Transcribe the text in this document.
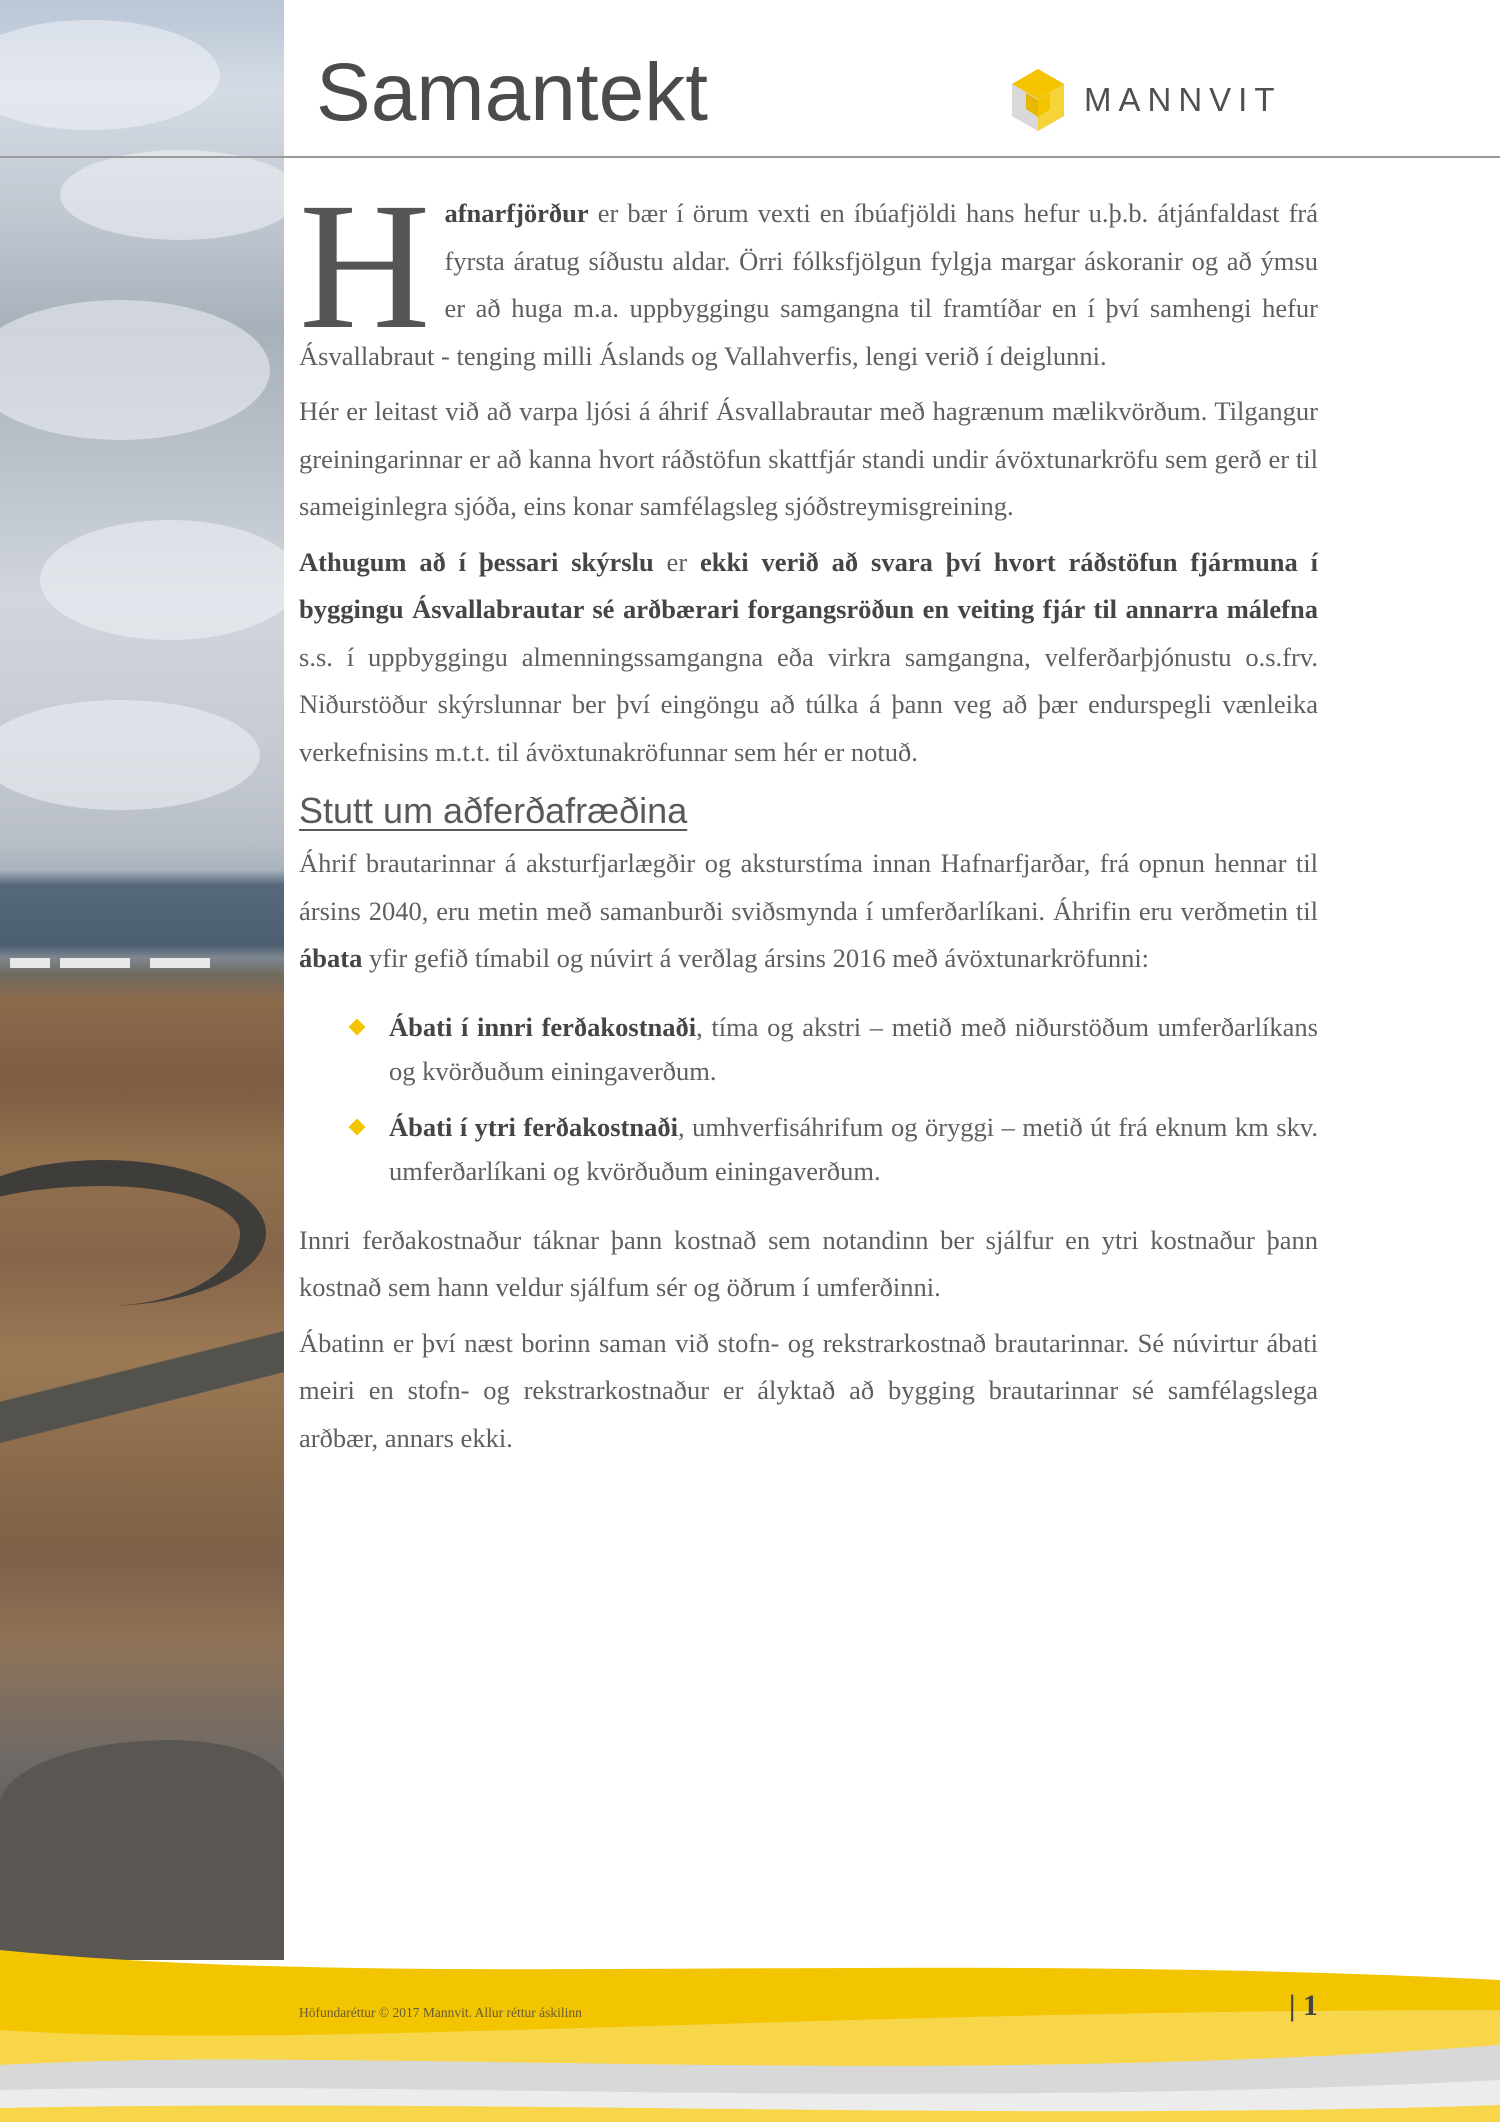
Samantekt	MANNVIT

Hafnarfjörður er bær í örum vexti en íbúafjöldi hans hefur u.þ.b. átjánfaldast frá fyrsta áratug síðustu aldar. Örri fólksfjölgun fylgja margar áskoranir og að ýmsu er að huga m.a. uppbyggingu samgangna til framtíðar en í því samhengi hefur Ásvallabraut - tenging milli Áslands og Vallahverfis, lengi verið í deiglunni.

Hér er leitast við að varpa ljósi á áhrif Ásvallabrautar með hagrænum mælikvörðum. Tilgangur greiningarinnar er að kanna hvort ráðstöfun skattfjár standi undir ávöxtunarkröfu sem gerð er til sameiginlegra sjóða, eins konar samfélagsleg sjóðstreymisgreining.

Athugum að í þessari skýrslu er ekki verið að svara því hvort ráðstöfun fjármuna í byggingu Ásvallabrautar sé arðbærari forgangsröðun en veiting fjár til annarra málefna s.s. í uppbyggingu almenningssamgangna eða virkra samgangna, velferðarþjónustu o.s.frv. Niðurstöður skýrslunnar ber því eingöngu að túlka á þann veg að þær endurspegli vænleika verkefnisins m.t.t. til ávöxtunakröfunnar sem hér er notuð.

Stutt um aðferðafræðina

Áhrif brautarinnar á aksturfjarlægðir og aksturstíma innan Hafnarfjarðar, frá opnun hennar til ársins 2040, eru metin með samanburði sviðsmynda í umferðarlíkani. Áhrifin eru verðmetin til ábata yfir gefið tímabil og núvirt á verðlag ársins 2016 með ávöxtunarkröfunni:

Ábati í innri ferðakostnaði, tíma og akstri – metið með niðurstöðum umferðarlíkans og kvörðuðum einingaverðum.
Ábati í ytri ferðakostnaði, umhverfisáhrifum og öryggi – metið út frá eknum km skv. umferðarlíkani og kvörðuðum einingaverðum.

Innri ferðakostnaður táknar þann kostnað sem notandinn ber sjálfur en ytri kostnaður þann kostnað sem hann veldur sjálfum sér og öðrum í umferðinni.

Ábatinn er því næst borinn saman við stofn- og rekstrarkostnað brautarinnar. Sé núvirtur ábati meiri en stofn- og rekstrarkostnaður er ályktað að bygging brautarinnar sé samfélagslega arðbær, annars ekki.

Höfundaréttur © 2017 Mannvit. Allur réttur áskilinn	| 1
